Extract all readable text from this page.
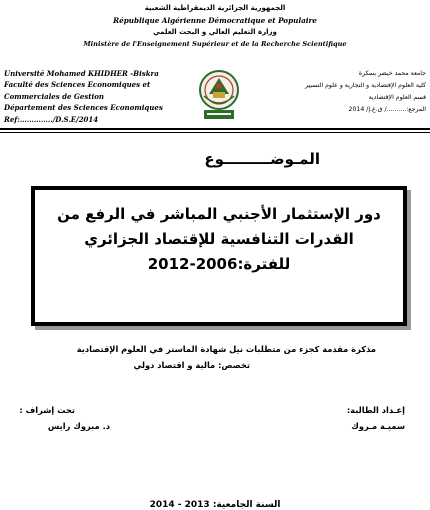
الجمهورية الجزائرية الديمقراطية الشعبية
République Algérienne Démocratique et Populaire
وزارة التعليم العالي و البحث العلمي
Ministère de l'Enseignement Supérieur et de la Recherche Scientifique
Université Mohamed KHIDHER -Biskra
Faculté des Sciences Economiques et
Commerciales de Gestion
Département des Sciences Economiques
Ref:…………../D.S.E/2014
جامعة محمد خيضر بسكرة
كلية العلوم الإقتصادية و التجارية و علوم التسيير
قسم العلوم الإقتصادية
المرجع:........../ ق.ع.إ/ 2014
المـوضـــــــــوع
دور الإستثمار الأجنبي المباشر في الرفع من
القدرات التنافسية للإقتصاد الجزائري
للفترة:2006-2012
مذكرة مقدمة كجزء من متطلبات نيل شهادة الماستر في العلوم الإقتصادية
تخصص: مالية و اقتصاد دولي
إعـداد الطالبة:
سميـة مـروك
تحت إشراف :
د. مبروك رايس
السنة الجامعية: 2013 - 2014
